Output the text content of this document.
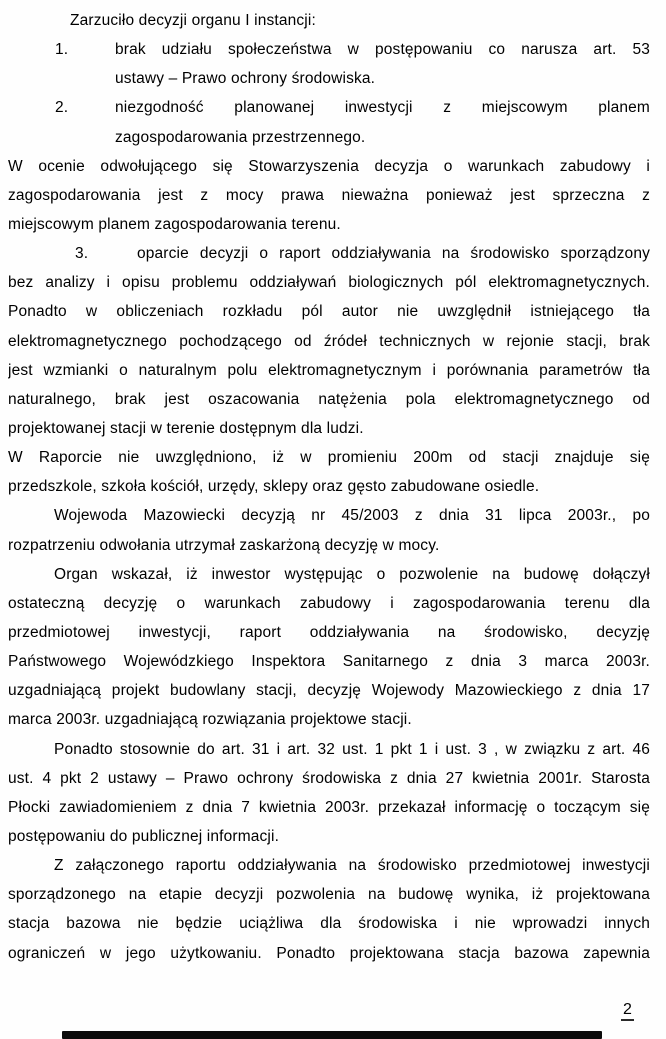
Zarzuciło decyzji organu I instancji:
1.	brak udziału społeczeństwa w postępowaniu co narusza art. 53
ustawy – Prawo ochrony środowiska.
2.	niezgodność planowanej inwestycji z miejscowym planem
zagospodarowania przestrzennego.
W ocenie odwołującego się Stowarzyszenia decyzja o warunkach zabudowy i
zagospodarowania jest z mocy prawa nieważna ponieważ jest sprzeczna z
miejscowym planem zagospodarowania terenu.
3.	oparcie decyzji o raport oddziaływania na środowisko sporządzony
bez analizy i opisu problemu oddziaływań biologicznych pól elektromagnetycznych.
Ponadto w obliczeniach rozkładu pól autor nie uwzględnił istniejącego tła
elektromagnetycznego pochodzącego od źródeł technicznych w rejonie stacji, brak
jest wzmianki o naturalnym polu elektromagnetycznym i porównania parametrów tła
naturalnego, brak jest oszacowania natężenia pola elektromagnetycznego od
projektowanej stacji w terenie dostępnym dla ludzi.
W Raporcie nie uwzględniono, iż w promieniu 200m od stacji znajduje się
przedszkole, szkoła kościół, urzędy, sklepy oraz gęsto zabudowane osiedle.
Wojewoda Mazowiecki decyzją nr 45/2003 z dnia 31 lipca 2003r., po
rozpatrzeniu odwołania utrzymał zaskarżoną decyzję w mocy.
Organ wskazał, iż inwestor występując o pozwolenie na budowę dołączył
ostateczną decyzję o warunkach zabudowy i zagospodarowania terenu dla
przedmiotowej inwestycji, raport oddziaływania na środowisko, decyzję
Państwowego Wojewódzkiego Inspektora Sanitarnego z dnia 3 marca 2003r.
uzgadniającą projekt budowlany stacji, decyzję Wojewody Mazowieckiego z dnia 17
marca 2003r. uzgadniającą rozwiązania projektowe stacji.
Ponadto stosownie do art. 31 i art. 32 ust. 1 pkt 1 i ust. 3 , w związku z art. 46
ust. 4 pkt 2 ustawy – Prawo ochrony środowiska z dnia 27 kwietnia 2001r. Starosta
Płocki zawiadomieniem z dnia 7 kwietnia 2003r. przekazał informację o toczącym się
postępowaniu do publicznej informacji.
Z załączonego raportu oddziaływania na środowisko przedmiotowej inwestycji
sporządzonego na etapie decyzji pozwolenia na budowę wynika, iż projektowana
stacja bazowa nie będzie uciążliwa dla środowiska i nie wprowadzi innych
ograniczeń w jego użytkowaniu. Ponadto projektowana stacja bazowa zapewnia
2
